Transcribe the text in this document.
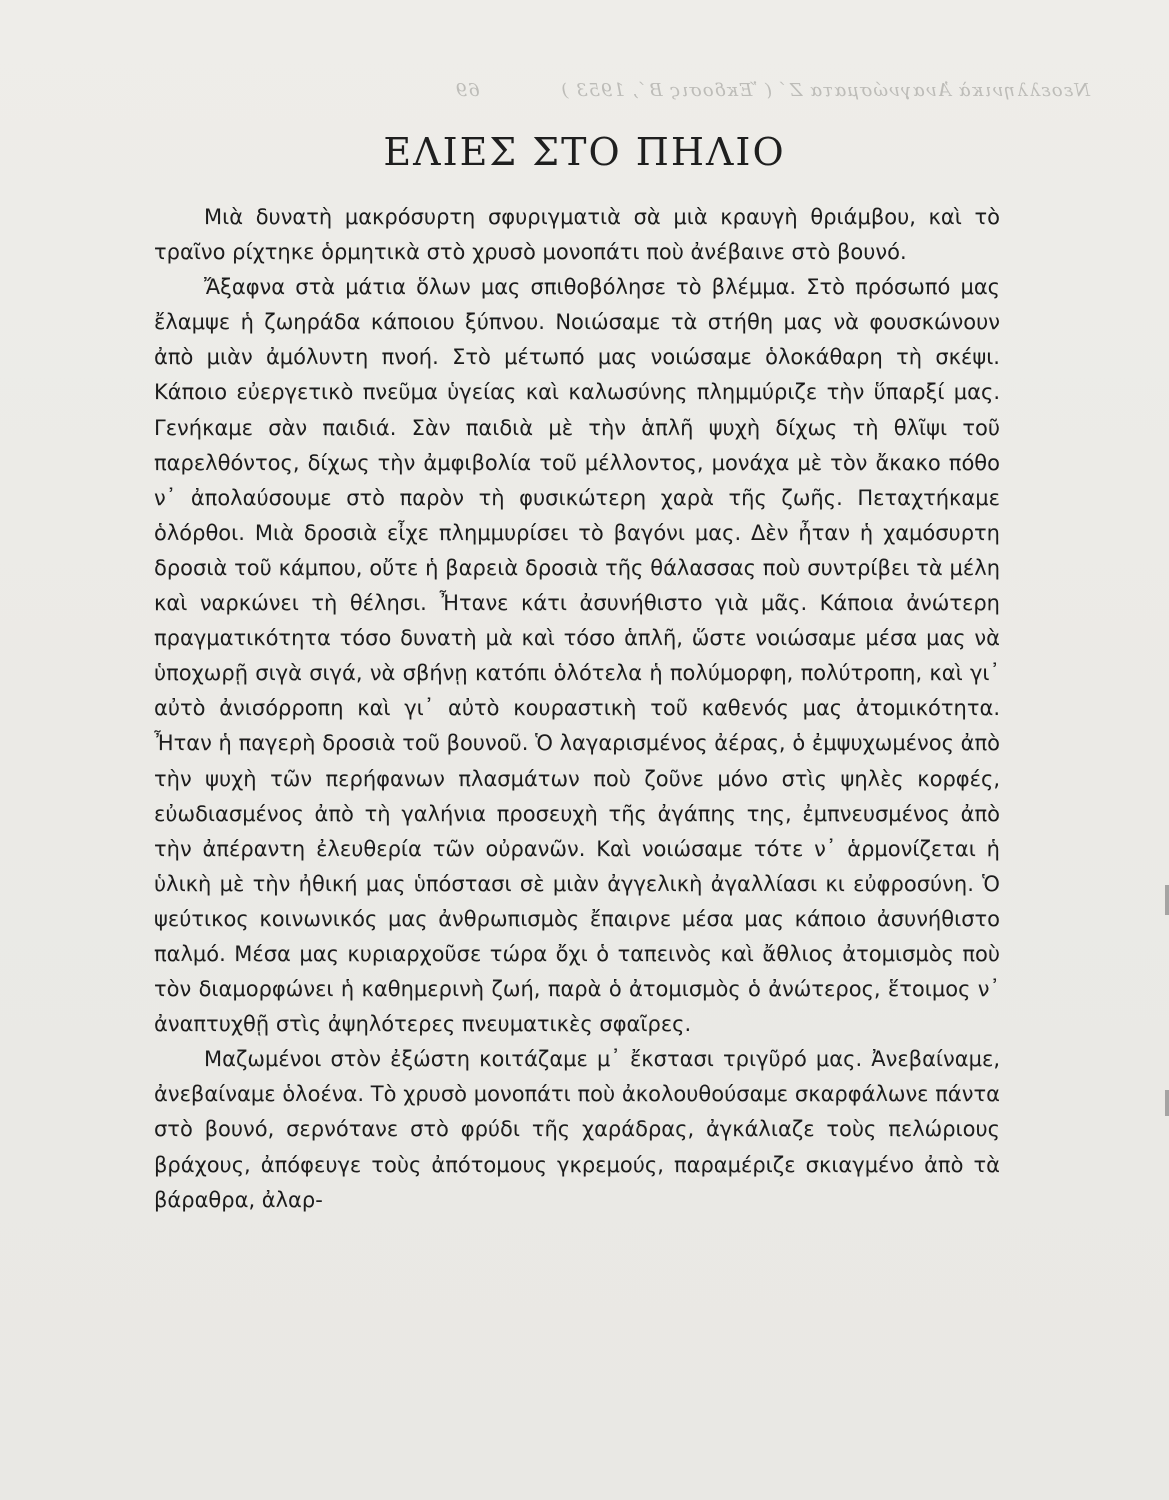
Νεοελληνικὰ Ἀναγνώσματα Ζ΄ ( Ἔκδοσις Β΄, 1953 )            69
ΕΛΙΕΣ ΣΤΟ ΠΗΛΙΟ

Μιὰ δυνατὴ μακρόσυρτη σφυριγματιὰ σὰ μιὰ κραυγὴ θριάμβου, καὶ τὸ τραῖνο ρίχτηκε ὁρμητικὰ στὸ χρυσὸ μονοπάτι ποὺ ἀνέβαινε στὸ βουνό.

Ἄξαφνα στὰ μάτια ὅλων μας σπιθοβόλησε τὸ βλέμμα. Στὸ πρόσωπό μας ἔλαμψε ἡ ζωηράδα κάποιου ξύπνου. Νοιώσαμε τὰ στήθη μας νὰ φουσκώνουν ἀπὸ μιὰν ἀμόλυντη πνοή. Στὸ μέτωπό μας νοιώσαμε ὁλοκάθαρη τὴ σκέψι. Κάποιο εὐεργετικὸ πνεῦμα ὑγείας καὶ καλωσύνης πλημμύριζε τὴν ὕπαρξί μας. Γενήκαμε σὰν παιδιά. Σὰν παιδιὰ μὲ τὴν ἁπλῆ ψυχὴ δίχως τὴ θλῖψι τοῦ παρελθόντος, δίχως τὴν ἀμφιβολία τοῦ μέλλοντος, μονάχα μὲ τὸν ἄκακο πόθο ν᾿ ἀπολαύσουμε στὸ παρὸν τὴ φυσικώτερη χαρὰ τῆς ζωῆς. Πεταχτήκαμε ὁλόρθοι. Μιὰ δροσιὰ εἶχε πλημμυρίσει τὸ βαγόνι μας. Δὲν ἦταν ἡ χαμόσυρτη δροσιὰ τοῦ κάμπου, οὔτε ἡ βαρειὰ δροσιὰ τῆς θάλασσας ποὺ συντρίβει τὰ μέλη καὶ ναρκώνει τὴ θέλησι. Ἦτανε κάτι ἀσυνήθιστο γιὰ μᾶς. Κάποια ἀνώτερη πραγματικότητα τόσο δυνατὴ μὰ καὶ τόσο ἁπλῆ, ὥστε νοιώσαμε μέσα μας νὰ ὑποχωρῇ σιγὰ σιγά, νὰ σβήνῃ κατόπι ὁλότελα ἡ πολύμορφη, πολύτροπη, καὶ γι᾿ αὐτὸ ἀνισόρροπη καὶ γι᾿ αὐτὸ κουραστικὴ τοῦ καθενός μας ἀτομικότητα. Ἦταν ἡ παγερὴ δροσιὰ τοῦ βουνοῦ. Ὁ λαγαρισμένος ἀέρας, ὁ ἐμψυχωμένος ἀπὸ τὴν ψυχὴ τῶν περήφανων πλασμάτων ποὺ ζοῦνε μόνο στὶς ψηλὲς κορφές, εὐωδιασμένος ἀπὸ τὴ γαλήνια προσευχὴ τῆς ἀγάπης της, ἐμπνευσμένος ἀπὸ τὴν ἀπέραντη ἐλευθερία τῶν οὐρανῶν. Καὶ νοιώσαμε τότε ν᾿ ἁρμονίζεται ἡ ὑλικὴ μὲ τὴν ἠθική μας ὑπόστασι σὲ μιὰν ἀγγελικὴ ἀγαλλίασι κι εὐφροσύνη. Ὁ ψεύτικος κοινωνικός μας ἀνθρωπισμὸς ἔπαιρνε μέσα μας κάποιο ἀσυνήθιστο παλμό. Μέσα μας κυριαρχοῦσε τώρα ὄχι ὁ ταπεινὸς καὶ ἄθλιος ἀτομισμὸς ποὺ τὸν διαμορφώνει ἡ καθημερινὴ ζωή, παρὰ ὁ ἀτομισμὸς ὁ ἀνώτερος, ἕτοιμος ν᾿ ἀναπτυχθῇ στὶς ἀψηλότερες πνευματικὲς σφαῖρες.

Μαζωμένοι στὸν ἐξώστη κοιτάζαμε μ᾿ ἔκστασι τριγῦρό μας. Ἀνεβαίναμε, ἀνεβαίναμε ὁλοένα. Τὸ χρυσὸ μονοπάτι ποὺ ἀκολουθούσαμε σκαρφάλωνε πάντα στὸ βουνό, σερνότανε στὸ φρύδι τῆς χαράδρας, ἀγκάλιαζε τοὺς πελώριους βράχους, ἀπόφευγε τοὺς ἀπότομους γκρεμούς, παραμέριζε σκιαγμένο ἀπὸ τὰ βάραθρα, ἀλαρ-
